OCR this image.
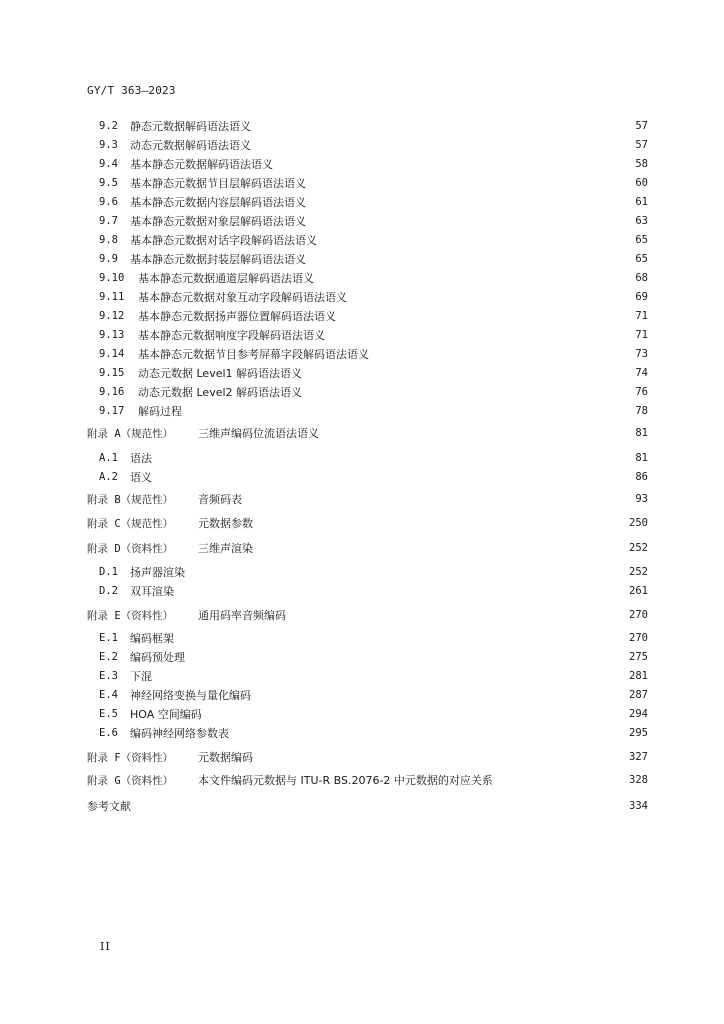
GY/T 363—2023
9.2	静态元数据解码语法语义	57
9.3	动态元数据解码语法语义	57
9.4	基本静态元数据解码语法语义	58
9.5	基本静态元数据节目层解码语法语义	60
9.6	基本静态元数据内容层解码语法语义	61
9.7	基本静态元数据对象层解码语法语义	63
9.8	基本静态元数据对话字段解码语法语义	65
9.9	基本静态元数据封装层解码语法语义	65
9.10	基本静态元数据通道层解码语法语义	68
9.11	基本静态元数据对象互动字段解码语法语义	69
9.12	基本静态元数据扬声器位置解码语法语义	71
9.13	基本静态元数据响度字段解码语法语义	71
9.14	基本静态元数据节目参考屏幕字段解码语法语义	73
9.15	动态元数据 Level1 解码语法语义	74
9.16	动态元数据 Level2 解码语法语义	76
9.17	解码过程	78
附录 A（规范性）	三维声编码位流语法语义	81
A.1	语法	81
A.2	语义	86
附录 B（规范性）	音频码表	93
附录 C（规范性）	元数据参数	250
附录 D（资料性）	三维声渲染	252
D.1	扬声器渲染	252
D.2	双耳渲染	261
附录 E（资料性）	通用码率音频编码	270
E.1	编码框架	270
E.2	编码预处理	275
E.3	下混	281
E.4	神经网络变换与量化编码	287
E.5	HOA 空间编码	294
E.6	编码神经网络参数表	295
附录 F（资料性）	元数据编码	327
附录 G（资料性）	本文件编码元数据与 ITU-R BS.2076-2 中元数据的对应关系	328
参考文献	334
II
